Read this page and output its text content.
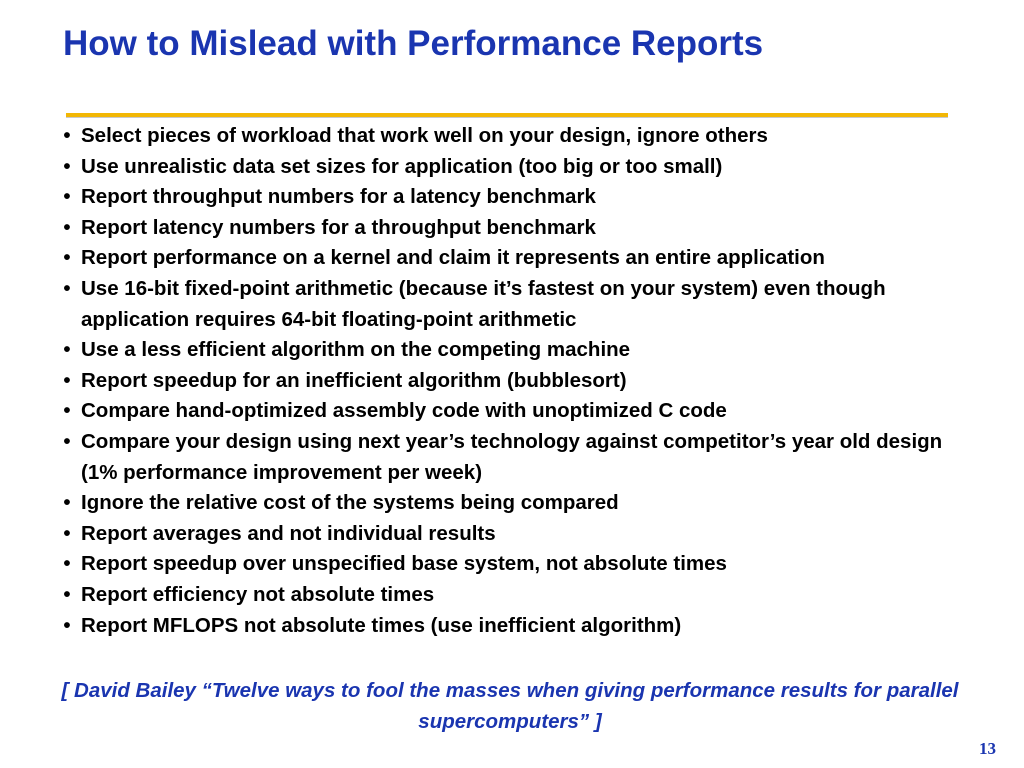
How to Mislead with Performance Reports
• Select pieces of workload that work well on your design, ignore others
• Use unrealistic data set sizes for application (too big or too small)
• Report throughput numbers for a latency benchmark
• Report latency numbers for a throughput benchmark
• Report performance on a kernel and claim it represents an entire application
• Use 16-bit fixed-point arithmetic (because it’s fastest on your system) even though application requires 64-bit floating-point arithmetic
• Use a less efficient algorithm on the competing machine
• Report speedup for an inefficient algorithm (bubblesort)
• Compare hand-optimized assembly code with unoptimized C code
• Compare your design using next year’s technology against competitor’s year old design (1% performance improvement per week)
• Ignore the relative cost of the systems being compared
• Report averages and not individual results
• Report speedup over unspecified base system, not absolute times
• Report efficiency not absolute times
• Report MFLOPS not absolute times (use inefficient algorithm)

[ David Bailey “Twelve ways to fool the masses when giving performance results for parallel supercomputers” ]

13
